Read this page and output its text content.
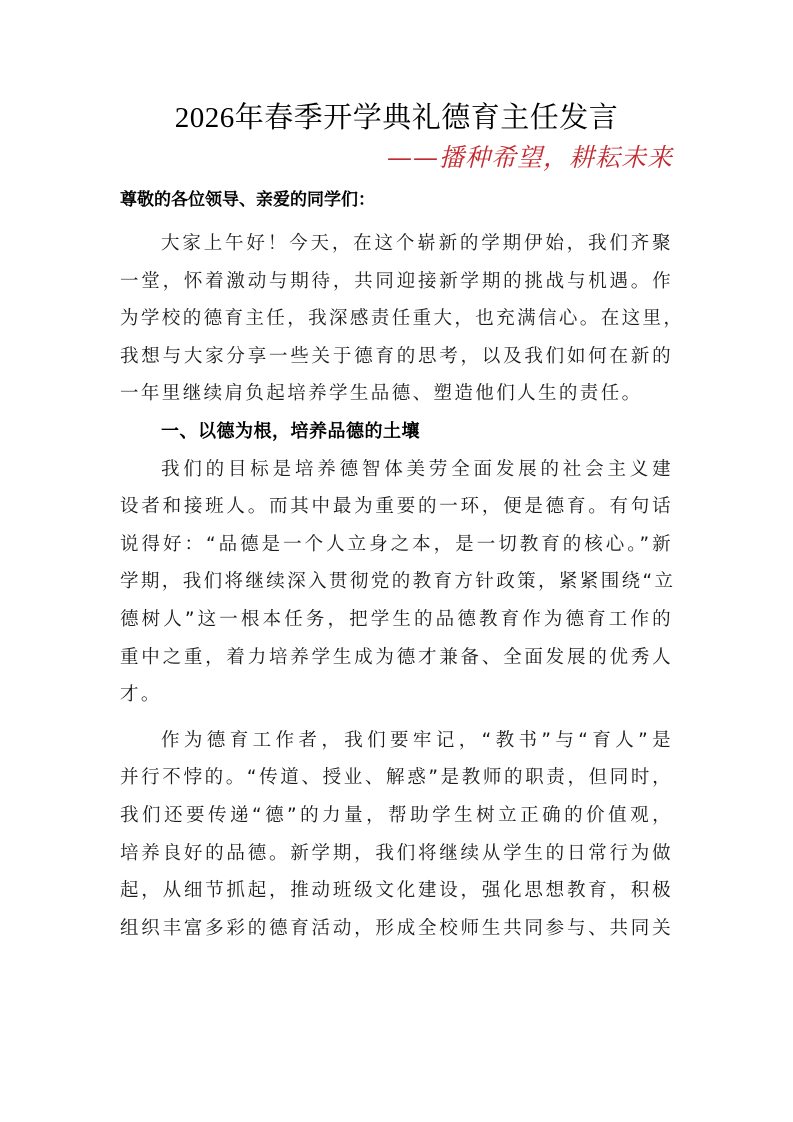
2026年春季开学典礼德育主任发言
——播种希望，耕耘未来
尊敬的各位领导、亲爱的同学们：
大家上午好！今天，在这个崭新的学期伊始，我们齐聚
一堂，怀着激动与期待，共同迎接新学期的挑战与机遇。作
为学校的德育主任，我深感责任重大，也充满信心。在这里，
我想与大家分享一些关于德育的思考，以及我们如何在新的
一年里继续肩负起培养学生品德、塑造他们人生的责任。
一、以德为根，培养品德的土壤
我们的目标是培养德智体美劳全面发展的社会主义建
设者和接班人。而其中最为重要的一环，便是德育。有句话
说得好：“品德是一个人立身之本，是一切教育的核心。”新
学期，我们将继续深入贯彻党的教育方针政策，紧紧围绕“立
德树人”这一根本任务，把学生的品德教育作为德育工作的
重中之重，着力培养学生成为德才兼备、全面发展的优秀人
才。
作为德育工作者，我们要牢记，“教书”与“育人”是
并行不悖的。“传道、授业、解惑”是教师的职责，但同时，
我们还要传递“德”的力量，帮助学生树立正确的价值观，
培养良好的品德。新学期，我们将继续从学生的日常行为做
起，从细节抓起，推动班级文化建设，强化思想教育，积极
组织丰富多彩的德育活动，形成全校师生共同参与、共同关
